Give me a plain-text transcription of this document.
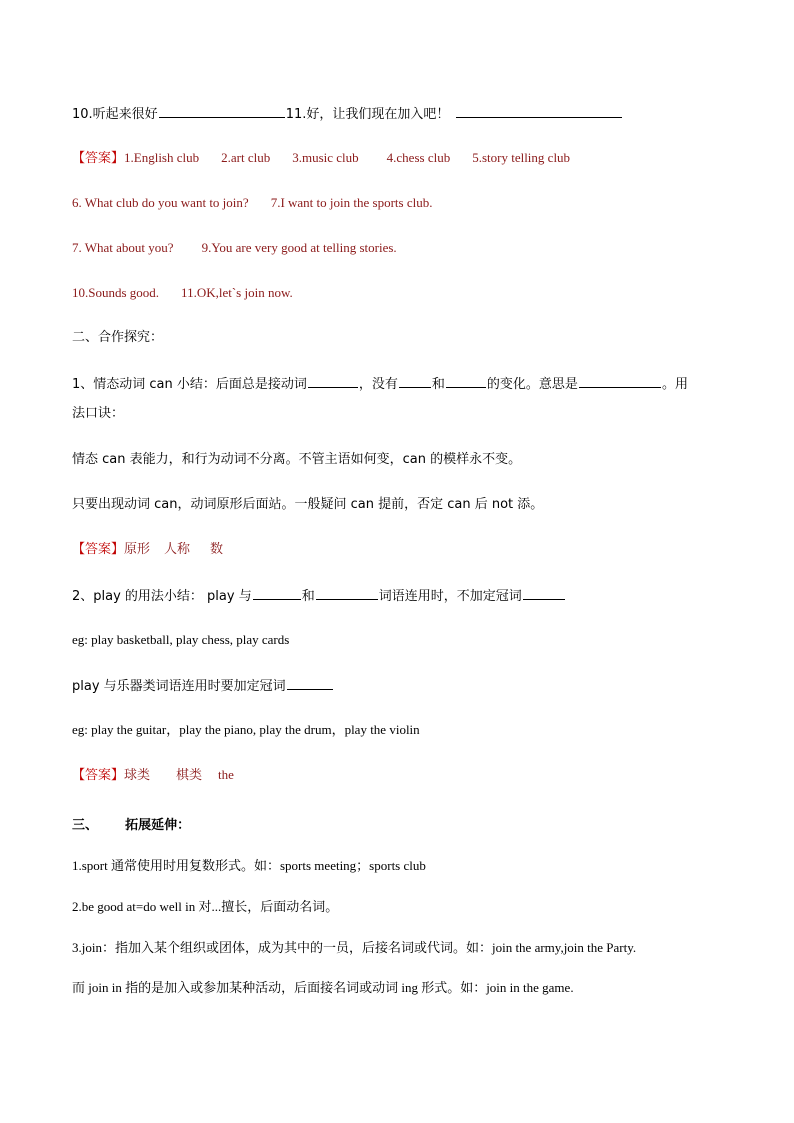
10.听起来很好	11.好，让我们现在加入吧！
【答案】1.English club 2.art club 3.music club 4.chess club 5.story telling club
6. What club do you want to join? 7.I want to join the sports club.
7. What about you? 9.You are very good at telling stories.
10.Sounds good. 11.OK,let`s join now.
二、合作探究：
1、情态动词 can 小结：后面总是接动词	，没有	和	的变化。意思是	。用
法口诀：
情态 can 表能力，和行为动词不分离。不管主语如何变，can 的模样永不变。
只要出现动词 can，动词原形后面站。一般疑问 can 提前，否定 can 后 not 添。
【答案】原形 人称 数
2、play 的用法小结： play 与	和	词语连用时，不加定冠词
eg: play basketball, play chess, play cards
play 与乐器类词语连用时要加定冠词
eg: play the guitar，play the piano, play the drum，play the violin
【答案】球类 棋类 the
三、      拓展延伸：
1.sport 通常使用时用复数形式。如：sports meeting；sports club
2.be good at=do well in 对...擅长，后面动名词。
3.join：指加入某个组织或团体，成为其中的一员，后接名词或代词。如：join the army,join the Party.
而 join in 指的是加入或参加某种活动，后面接名词或动词 ing 形式。如：join in the game.
